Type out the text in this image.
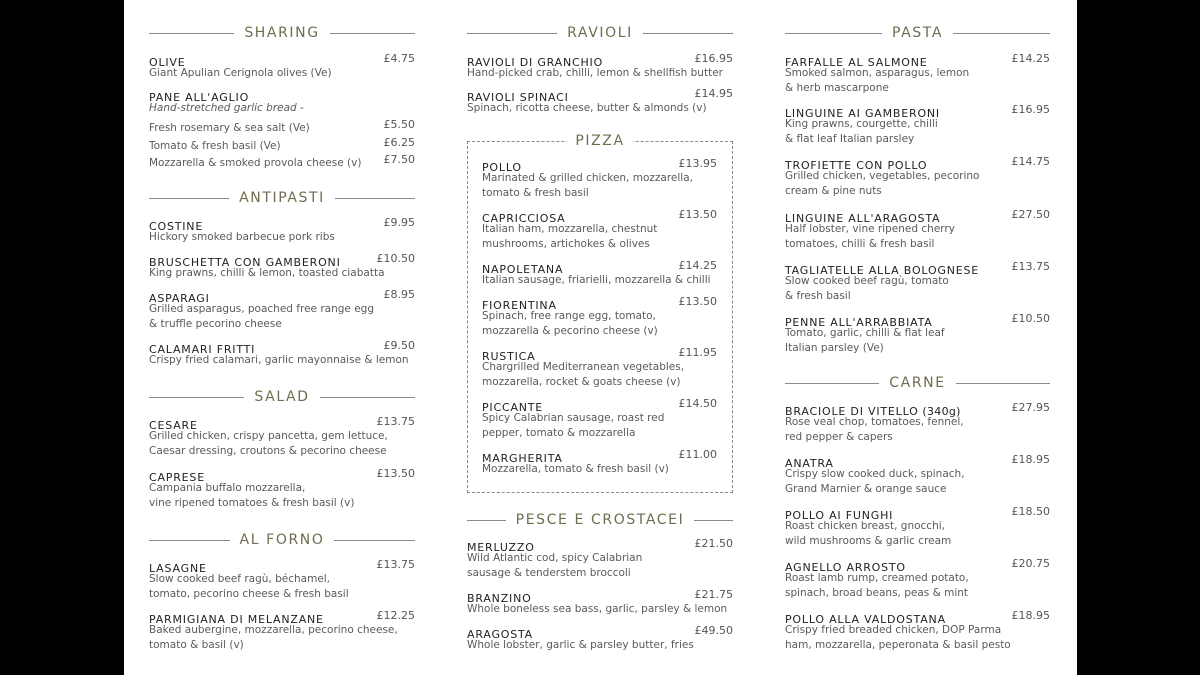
SHARING
OLIVE	£4.75
Giant Apulian Cerignola olives (Ve)
PANE ALL'AGLIO
Hand-stretched garlic bread -
Fresh rosemary & sea salt (Ve)	£5.50
Tomato & fresh basil (Ve)	£6.25
Mozzarella & smoked provola cheese (v) £7.50
ANTIPASTI
SALAD
AL FORNO
COSTINE	£9.95
Hickory smoked barbecue pork ribs
BRUSCHETTA CON GAMBERONI	£10.50
King prawns, chilli & lemon, toasted ciabatta
ASPARAGI	£8.95
Grilled asparagus, poached free range egg
& truffle pecorino cheese
CALAMARI FRITTI	£9.50
Crispy fried calamari, garlic mayonnaise & lemon
CESARE	£13.75
Grilled chicken, crispy pancetta, gem lettuce,
Caesar dressing, croutons & pecorino cheese
CAPRESE	£13.50
Campania buffalo mozzarella,
vine ripened tomatoes & fresh basil (v)
LASAGNE	£13.75
Slow cooked beef ragù, béchamel,
tomato, pecorino cheese & fresh basil
PARMIGIANA DI MELANZANE	£12.25
Baked aubergine, mozzarella, pecorino cheese,
tomato & basil (v)
RAVIOLI
PIZZA
POLLO	£13.95
Marinated & grilled chicken, mozzarella,
tomato & fresh basil
CAPRICCIOSA	£13.50
Italian ham, mozzarella, chestnut
mushrooms, artichokes & olives
NAPOLETANA	£14.25
Italian sausage, friarielli, mozzarella & chilli
FIORENTINA	£13.50
Spinach, free range egg, tomato,
mozzarella & pecorino cheese (v)
RUSTICA	£11.95
Chargrilled Mediterranean vegetables,
mozzarella, rocket & goats cheese (v)
PICCANTE	£14.50
Spicy Calabrian sausage, roast red
pepper, tomato & mozzarella
MARGHERITA	£11.00
Mozzarella, tomato & fresh basil (v)
PESCE E CROSTACEI
RAVIOLI DI GRANCHIO	£16.95
Hand-picked crab, chilli, lemon & shellfish butter
RAVIOLI SPINACI	£14.95
Spinach, ricotta cheese, butter & almonds (v)
MERLUZZO	£21.50
Wild Atlantic cod, spicy Calabrian
sausage & tenderstem broccoli
BRANZINO	£21.75
Whole boneless sea bass, garlic, parsley & lemon
ARAGOSTA	£49.50
Whole lobster, garlic & parsley butter, fries
PASTA
CARNE
FARFALLE AL SALMONE	£14.25
Smoked salmon, asparagus, lemon
& herb mascarpone
LINGUINE AI GAMBERONI	£16.95
King prawns, courgette, chilli
& flat leaf Italian parsley
TROFIETTE CON POLLO	£14.75
Grilled chicken, vegetables, pecorino
cream & pine nuts
LINGUINE ALL'ARAGOSTA	£27.50
Half lobster, vine ripened cherry
tomatoes, chilli & fresh basil
TAGLIATELLE ALLA BOLOGNESE	£13.75
Slow cooked beef ragù, tomato
& fresh basil
PENNE ALL'ARRABBIATA	£10.50
Tomato, garlic, chilli & flat leaf
Italian parsley (Ve)
BRACIOLE DI VITELLO (340g)	£27.95
Rose veal chop, tomatoes, fennel,
red pepper & capers
ANATRA	£18.95
Crispy slow cooked duck, spinach,
Grand Marnier & orange sauce
POLLO AI FUNGHI	£18.50
Roast chicken breast, gnocchi,
wild mushrooms & garlic cream
AGNELLO ARROSTO	£20.75
Roast lamb rump, creamed potato,
spinach, broad beans, peas & mint
POLLO ALLA VALDOSTANA	£18.95
Crispy fried breaded chicken, DOP Parma
ham, mozzarella, peperonata & basil pesto
